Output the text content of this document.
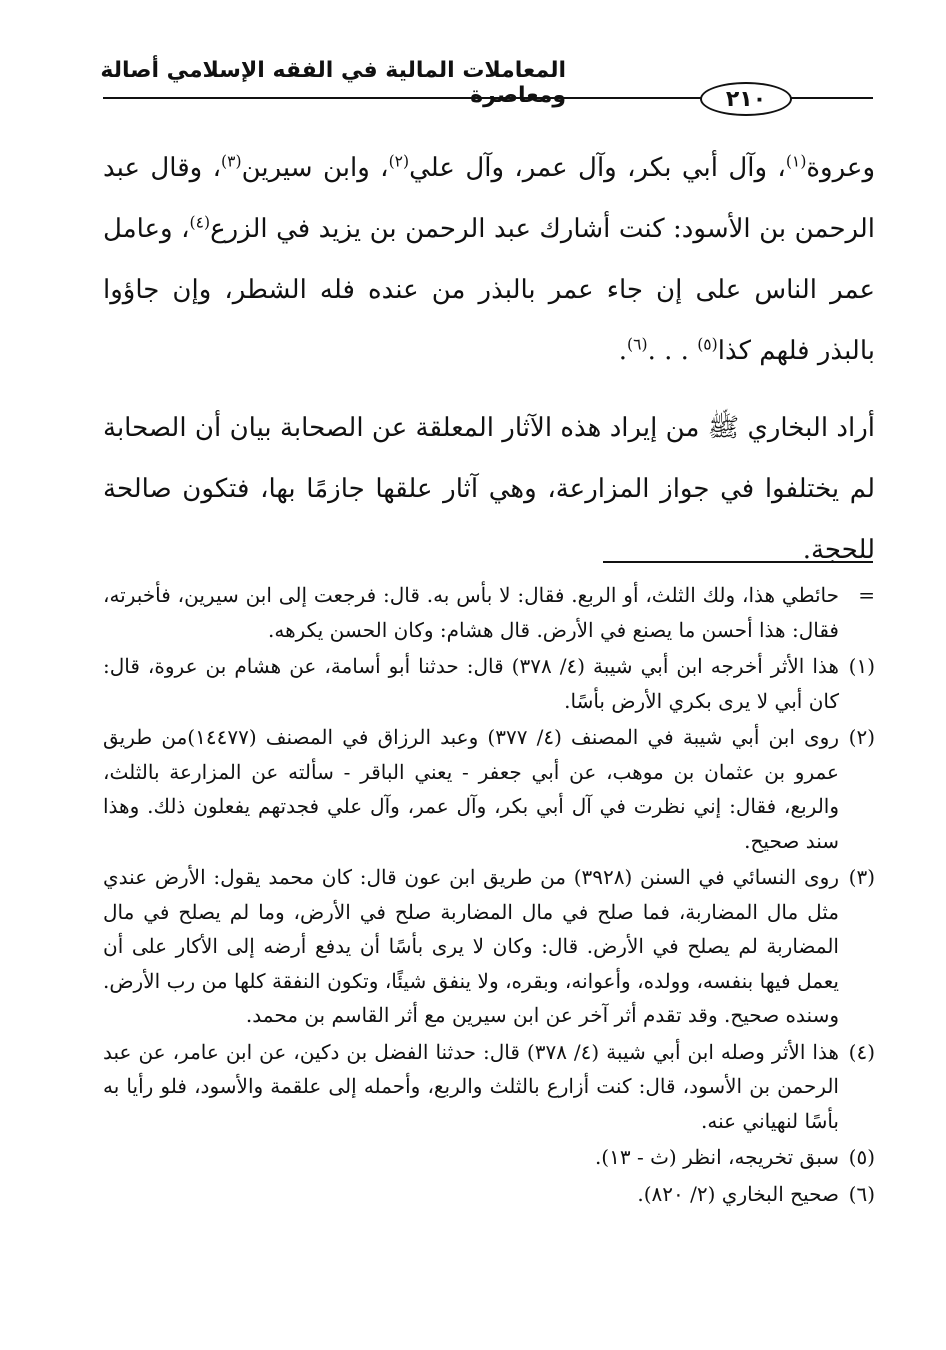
المعاملات المالية في الفقه الإسلامي أصالة ومعاصرة	٢١٠

وعروة$^{(١)}$، وآل أبي بكر، وآل عمر، وآل علي$^{(٢)}$، وابن سيرين$^{(٣)}$، وقال عبد الرحمن بن الأسود: كنت أشارك عبد الرحمن بن يزيد في الزرع$^{(٤)}$، وعامل عمر الناس على إن جاء عمر بالبذر من عنده فله الشطر، وإن جاؤوا بالبذر فلهم كذا$^{(٥)}$ . . .$^{(٦)}$.

أراد البخاري ﷺ من إيراد هذه الآثار المعلقة عن الصحابة بيان أن الصحابة لم يختلفوا في جواز المزارعة، وهي آثار علقها جازمًا بها، فتكون صالحة للحجة.

=
حائطي هذا، ولك الثلث، أو الربع. فقال: لا بأس به. قال: فرجعت إلى ابن سيرين، فأخبرته، فقال: هذا أحسن ما يصنع في الأرض. قال هشام: وكان الحسن يكرهه.
(١)
هذا الأثر أخرجه ابن أبي شيبة (٤/ ٣٧٨) قال: حدثنا أبو أسامة، عن هشام بن عروة، قال: كان أبي لا يرى بكري الأرض بأسًا.
(٢)
روى ابن أبي شيبة في المصنف (٤/ ٣٧٧) وعبد الرزاق في المصنف (١٤٤٧٧)من طريق عمرو بن عثمان بن موهب، عن أبي جعفر - يعني الباقر - سألته عن المزارعة بالثلث، والربع، فقال: إني نظرت في آل أبي بكر، وآل عمر، وآل علي فجدتهم يفعلون ذلك. وهذا سند صحيح.
(٣)
روى النسائي في السنن (٣٩٢٨) من طريق ابن عون قال: كان محمد يقول: الأرض عندي مثل مال المضاربة، فما صلح في مال المضاربة صلح في الأرض، وما لم يصلح في مال المضاربة لم يصلح في الأرض. قال: وكان لا يرى بأسًا أن يدفع أرضه إلى الأكار على أن يعمل فيها بنفسه، وولده، وأعوانه، وبقره، ولا ينفق شيئًا، وتكون النفقة كلها من رب الأرض. وسنده صحيح. وقد تقدم أثر آخر عن ابن سيرين مع أثر القاسم بن محمد.
(٤)
هذا الأثر وصله ابن أبي شيبة (٤/ ٣٧٨) قال: حدثنا الفضل بن دكين، عن ابن عامر، عن عبد الرحمن بن الأسود، قال: كنت أزارع بالثلث والربع، وأحمله إلى علقمة والأسود، فلو رأيا به بأسًا لنهياني عنه.
(٥)
سبق تخريجه، انظر (ث - ١٣).
(٦)
صحيح البخاري (٢/ ٨٢٠).
